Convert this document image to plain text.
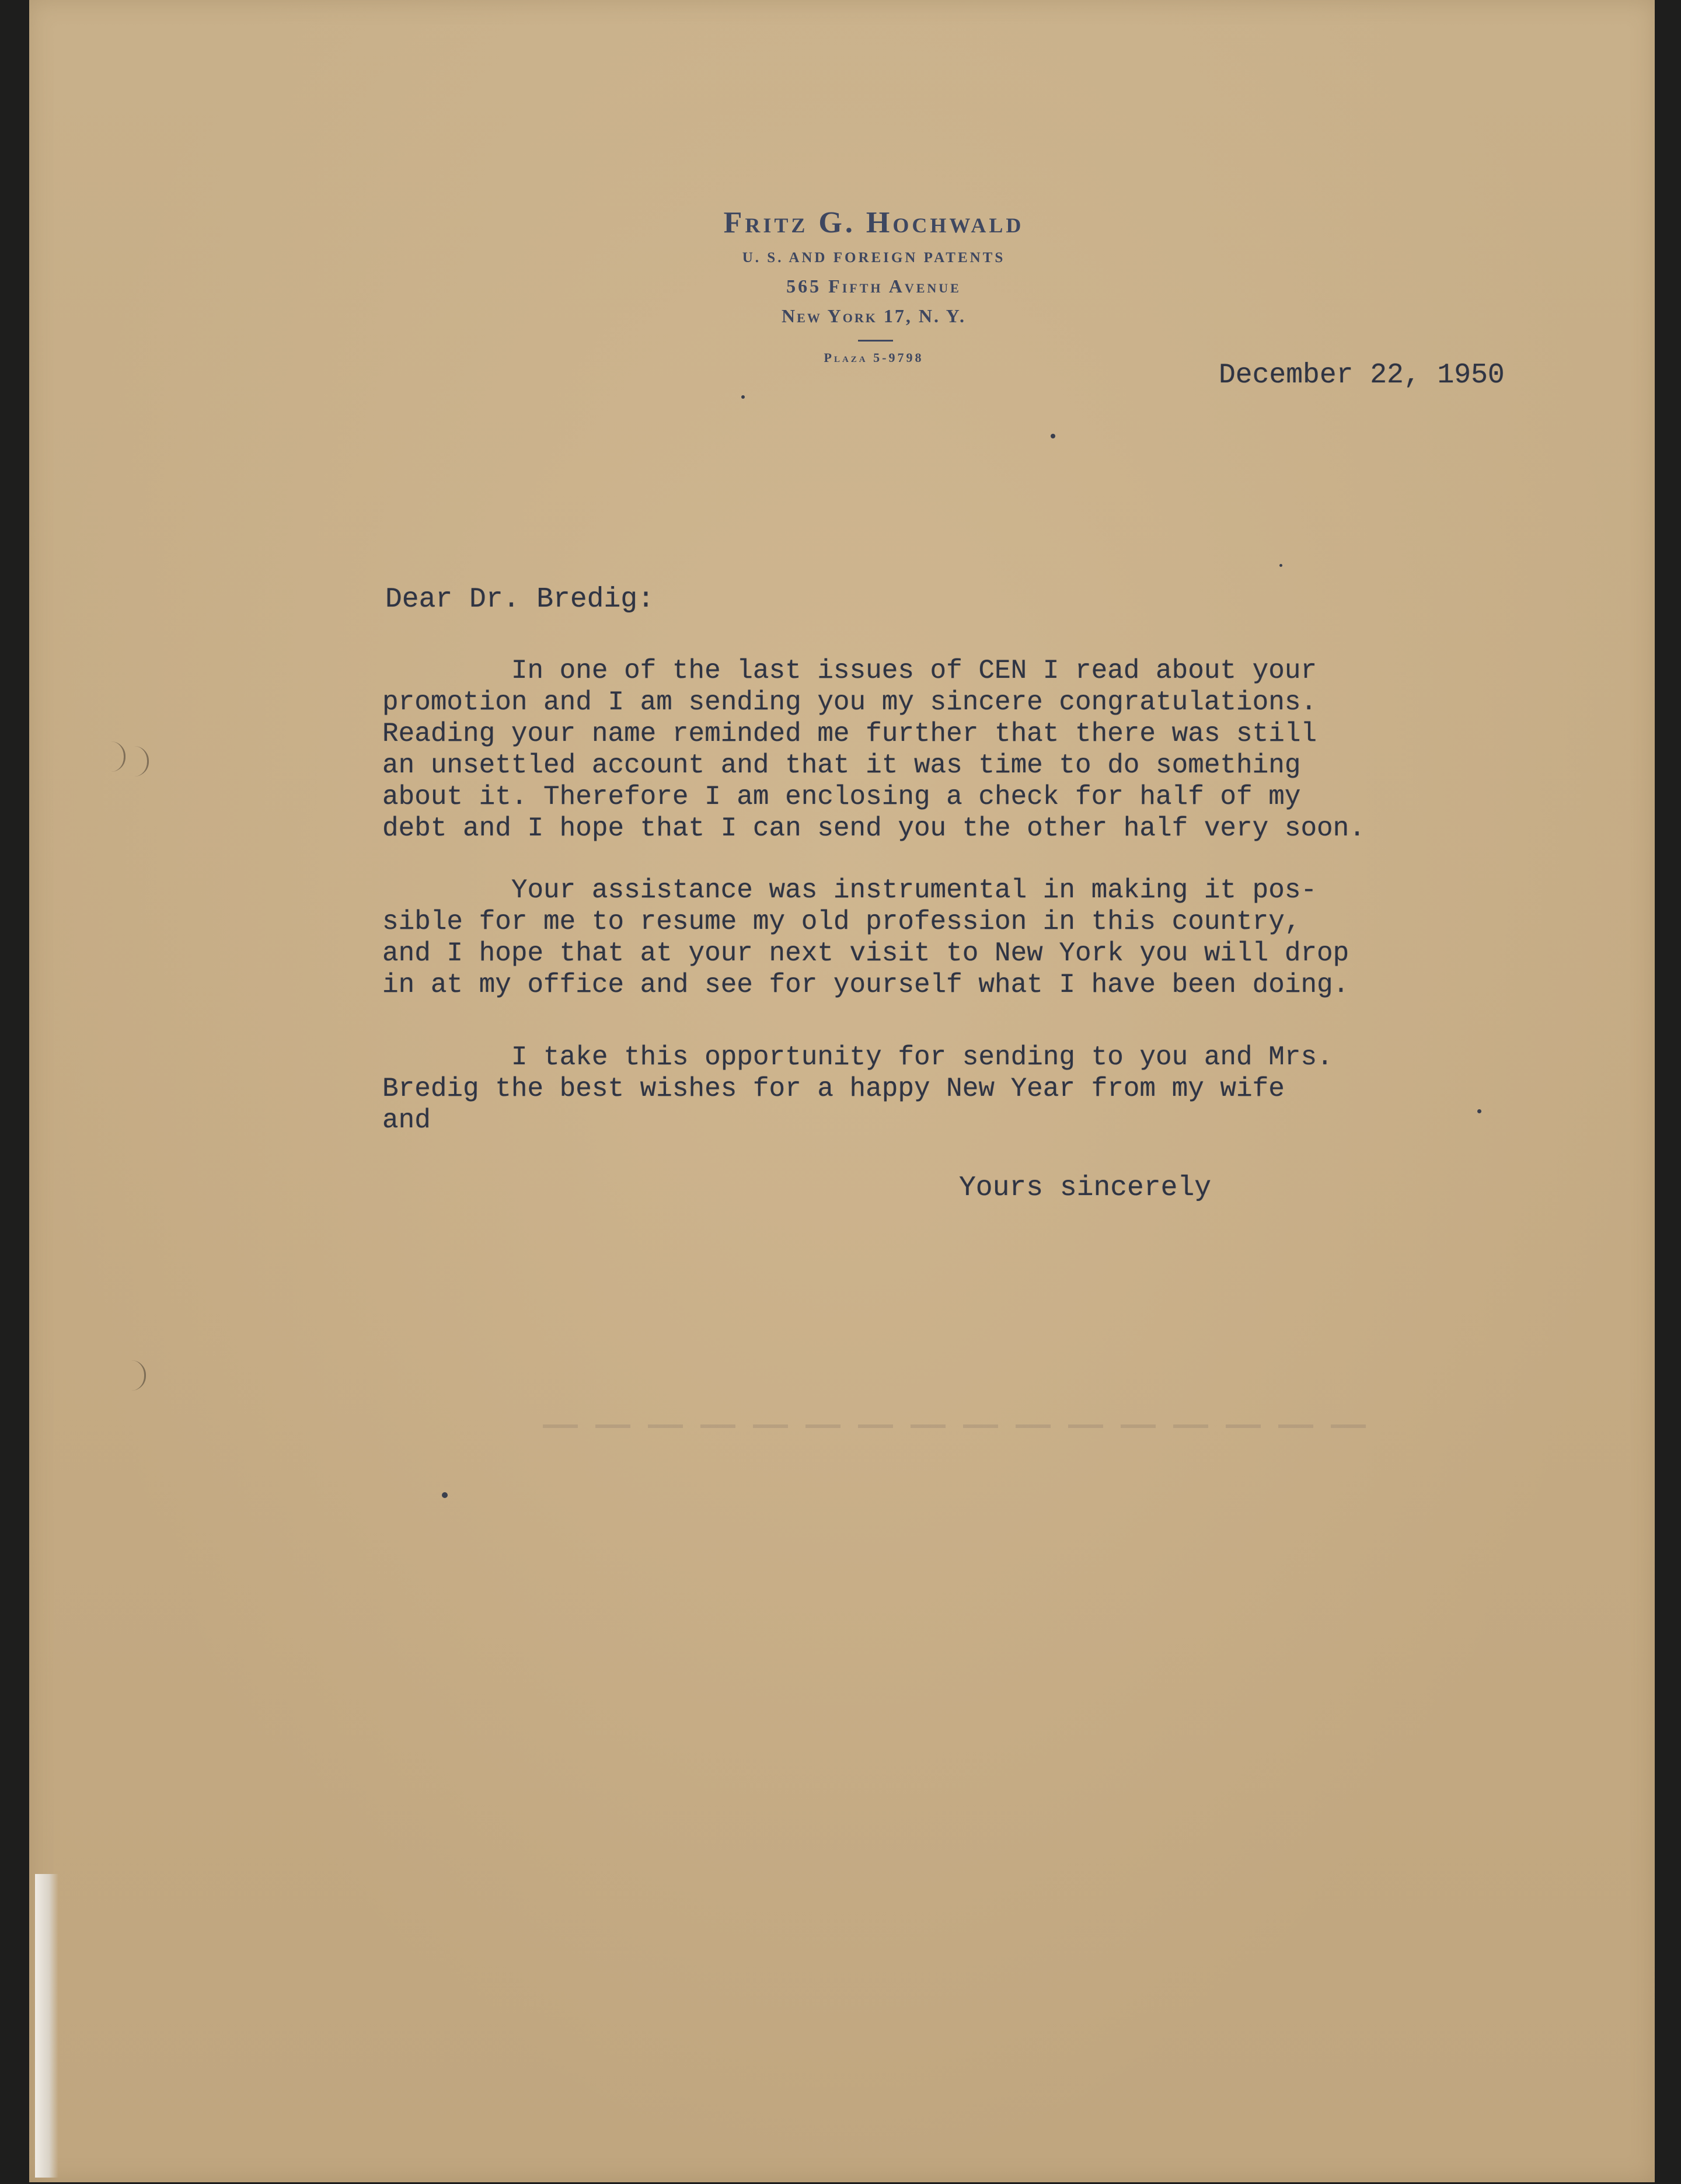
Fritz G. Hochwald
U. S. AND FOREIGN PATENTS
565 Fifth Avenue
New York 17, N. Y.
Plaza 5-9798
December 22, 1950
Dear Dr. Bredig:
In one of the last issues of CEN I read about your
promotion and I am sending you my sincere congratulations.
Reading your name reminded me further that there was still
an unsettled account and that it was time to do something
about it. Therefore I am enclosing a check for half of my
debt and I hope that I can send you the other half very soon.
Your assistance was instrumental in making it pos-
sible for me to resume my old profession in this country,
and I hope that at your next visit to New York you will drop
in at my office and see for yourself what I have been doing.
I take this opportunity for sending to you and Mrs.
Bredig the best wishes for a happy New Year from my wife
and
Yours sincerely
